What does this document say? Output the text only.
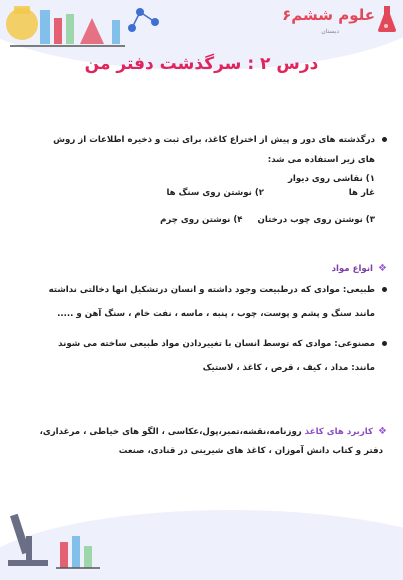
علوم ششم۶
دبستان
درس ۲ : سرگذشت دفتر من
درگذشته های دور و پیش از اختراع کاغذ، برای ثبت و ذخیره اطلاعات از روش
های زیر استفاده می شد:
۱) نقاشی روی دیوار غار ها ۲) نوشتن روی سنگ ها
۳) نوشتن روی چوب درختان ۴) نوشتن روی چرم
❖
انواع مواد
طبیعی: موادی که درطبیعت وجود داشته و انسان درتشکیل انها دخالتی نداشته
مانند سنگ و پشم و پوست، چوب ، پنبه ، ماسه ، نفت خام ، سنگ آهن و .....
مصنوعی: موادی که توسط انسان با تغییردادن مواد طبیعی ساخته می شوند
مانند: مداد ، کیف ، قرص ، کاغذ ، لاستیک
❖
کاربرد های کاغذ روزنامه،نقشه،تمبر،پول،عکاسی ، الگو های خیاطی ، مرغداری،
دفتر و کتاب دانش آموزان ، کاغذ های شیرینی در قنادی، صنعت
